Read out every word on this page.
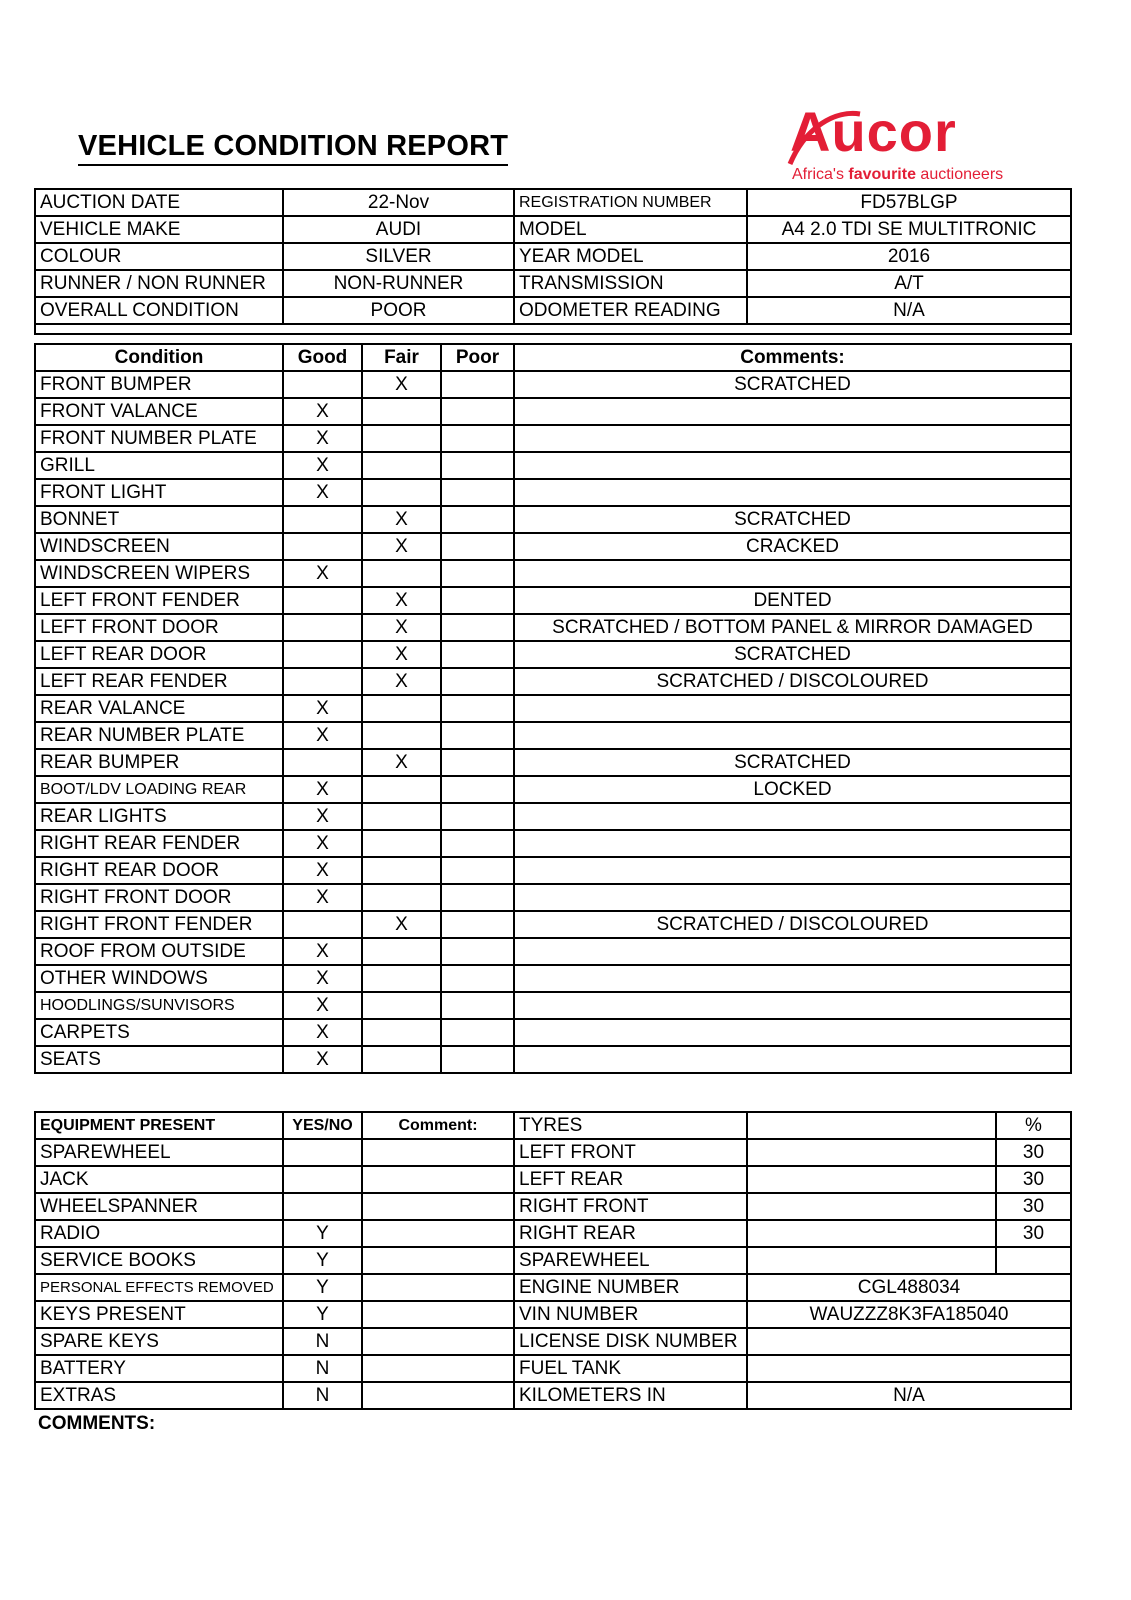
VEHICLE CONDITION REPORT	Aucor
Africa's favourite auctioneers
AUCTION DATE	22-Nov	REGISTRATION NUMBER	FD57BLGP
VEHICLE MAKE	AUDI	MODEL	A4 2.0 TDI SE MULTITRONIC
COLOUR	SILVER	YEAR MODEL	2016
RUNNER / NON RUNNER	NON-RUNNER	TRANSMISSION	A/T
OVERALL CONDITION	POOR	ODOMETER READING	N/A

Condition	Good	Fair	Poor	Comments:
FRONT BUMPER		X		SCRATCHED
FRONT VALANCE	X			
FRONT NUMBER PLATE	X			
GRILL	X			
FRONT LIGHT	X			
BONNET		X		SCRATCHED
WINDSCREEN		X		CRACKED
WINDSCREEN WIPERS	X			
LEFT FRONT FENDER		X		DENTED
LEFT FRONT DOOR		X		SCRATCHED / BOTTOM PANEL & MIRROR DAMAGED
LEFT REAR DOOR		X		SCRATCHED
LEFT REAR FENDER		X		SCRATCHED / DISCOLOURED
REAR VALANCE	X			
REAR NUMBER PLATE	X			
REAR BUMPER		X		SCRATCHED
BOOT/LDV LOADING REAR	X			LOCKED
REAR LIGHTS	X			
RIGHT REAR FENDER	X			
RIGHT REAR DOOR	X			
RIGHT FRONT DOOR	X			
RIGHT FRONT FENDER		X		SCRATCHED / DISCOLOURED
ROOF FROM OUTSIDE	X			
OTHER WINDOWS	X			
HOODLINGS/SUNVISORS	X			
CARPETS	X			
SEATS	X			
EQUIPMENT PRESENT	YES/NO	Comment:	TYRES		%
SPAREWHEEL			LEFT FRONT		30
JACK			LEFT REAR		30
WHEELSPANNER			RIGHT FRONT		30
RADIO	Y		RIGHT REAR		30
SERVICE BOOKS	Y		SPAREWHEEL		
PERSONAL EFFECTS REMOVED	Y		ENGINE NUMBER	CGL488034	
KEYS PRESENT	Y		VIN NUMBER	WAUZZZ8K3FA185040	
SPARE KEYS	N		LICENSE DISK NUMBER		
BATTERY	N		FUEL TANK		
EXTRAS	N		KILOMETERS IN	N/A	
COMMENTS:
